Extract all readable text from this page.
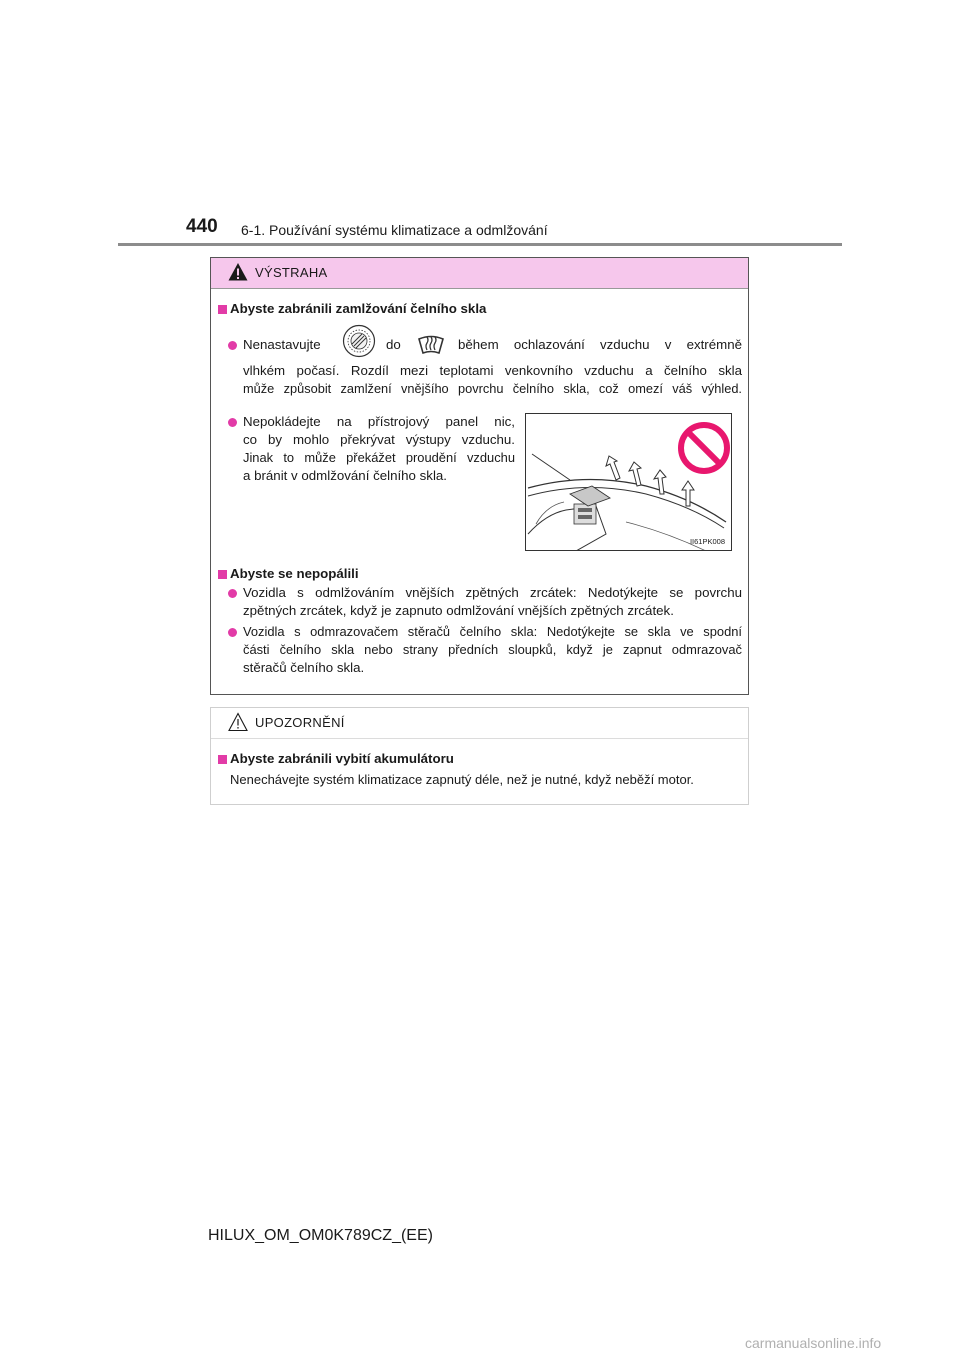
440 6-1. Používání systému klimatizace a odmlžování
VÝSTRAHA
Abyste zabránili zamlžování čelního skla
Nenastavujte	do	během ochlazování vzduchu v extrémně
vlhkém počasí. Rozdíl mezi teplotami venkovního vzduchu a čelního skla
může způsobit zamlžení vnějšího povrchu čelního skla, což omezí váš výhled.
Nepokládejte na přístrojový panel nic,
co by mohlo překrývat výstupy vzduchu.
Jinak to může překážet proudění vzduchu
a bránit v odmlžování čelního skla.
II61PK008
Abyste se nepopálili
Vozidla s odmlžováním vnějších zpětných zrcátek: Nedotýkejte se povrchu
zpětných zrcátek, když je zapnuto odmlžování vnějších zpětných zrcátek.
Vozidla s odmrazovačem stěračů čelního skla: Nedotýkejte se skla ve spodní
části čelního skla nebo strany předních sloupků, když je zapnut odmrazovač
stěračů čelního skla.
UPOZORNĚNÍ
Abyste zabránili vybití akumulátoru
Nenechávejte systém klimatizace zapnutý déle, než je nutné, když neběží motor.
HILUX_OM_OM0K789CZ_(EE)
carmanualsonline.info
